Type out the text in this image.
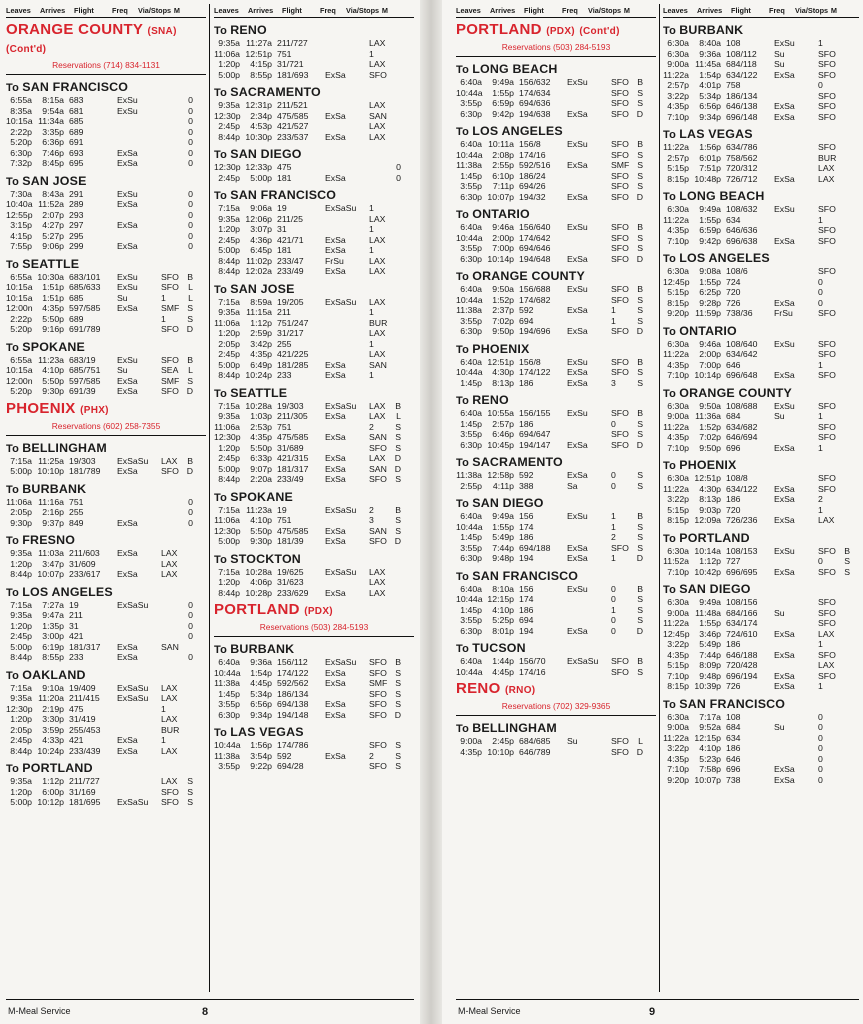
Leaves	Arrives	Flight	Freq	Via/Stops M
ORANGE COUNTY (SNA) (Cont'd)
Reservations (714) 834-1131
To SAN FRANCISCO
6:55a	8:15a 683	ExSu	0
8:35a	9:54a 681	ExSu	0
10:15a 11:34a 685	0
2:22p	3:35p 689	0
5:20p	6:36p 691	0
6:30p	7:46p 693	ExSa	0
7:32p	8:45p 695	ExSa	0
To SAN JOSE
7:30a	8:43a 291	ExSu	0
10:40a 11:52a 289	ExSa	0
12:55p	2:07p 293	0
3:15p	4:27p 297	ExSa	0
4:15p	5:27p 295	0
7:55p	9:06p 299	ExSa	0
To SEATTLE
6:55a 10:30a 683/101	ExSu	SFO B
10:15a	1:51p 685/633	ExSu	SFO	L
10:15a	1:51p 685	Su	1	L
12:00n	4:35p 597/585	ExSa	SMF S
2:22p	5:50p 689	1	S
5:20p	9:16p 691/789	SFO D
To SPOKANE
6:55a 11:23a 683/19	ExSu	SFO B
10:15a	4:10p 685/751	Su	SEA	L
12:00n	5:50p 597/585	ExSa	SMF S
5:20p	9:30p 691/39	ExSa	SFO D
PHOENIX (PHX)
Reservations (602) 258-7355
To BELLINGHAM
7:15a 11:25a 19/303	ExSaSu	LAX	B
5:00p 10:10p 181/789	ExSa	SFO D
To BURBANK
11:06a 11:16a 751	0
2:05p	2:16p 255	0
9:30p	9:37p 849	ExSa	0
To FRESNO
9:35a 11:03a 211/603	ExSa	LAX
1:20p	3:47p 31/609	LAX
8:44p 10:07p 233/617	ExSa	LAX
To LOS ANGELES
7:15a	7:27a 19	ExSaSu	0
9:35a	9:47a 211	0
1:20p	1:35p 31	0
2:45p	3:00p 421	0
5:00p	6:19p 181/317	ExSa	SAN
8:44p	8:55p 233	ExSa	0
To OAKLAND
7:15a	9:10a 19/409	ExSaSu	LAX
9:35a 11:20a 211/415	ExSaSu	LAX
12:30p	2:19p 475	1
1:20p	3:30p 31/419	LAX
2:05p	3:59p 255/453	BUR
2:45p	4:33p 421	ExSa	1
8:44p 10:24p 233/439	ExSa	LAX
To PORTLAND
9:35a	1:12p 211/727	LAX	S
1:20p	6:00p 31/169	SFO S
5:00p 10:12p 181/695	ExSaSu	SFO S
Leaves	Arrives	Flight	Freq	Via/Stops M
To RENO
9:35a 11:27a 211/727	LAX
11:06a 12:51p 751	1
1:20p	4:15p 31/721	LAX
5:00p	8:55p 181/693	ExSa	SFO
To SACRAMENTO
9:35a 12:31p 211/521	LAX
12:30p	2:34p 475/585	ExSa	SAN
2:45p	4:53p 421/527	LAX
8:44p 10:30p 233/537	ExSa	LAX
To SAN DIEGO
12:30p 12:33p 475	0
2:45p	5:00p 181	ExSa	0
To SAN FRANCISCO
7:15a	9:06a 19	ExSaSu	1
9:35a 12:06p 211/25	LAX
1:20p	3:07p 31	1
2:45p	4:36p 421/71	ExSa	LAX
5:00p	6:45p 181	ExSa	1
8:44p 11:02p 233/47	FrSu	LAX
8:44p 12:02a 233/49	ExSa	LAX
To SAN JOSE
7:15a	8:59a 19/205	ExSaSu	LAX
9:35a 11:15a 211	1
11:06a	1:12p 751/247	BUR
1:20p	2:59p 31/217	LAX
2:05p	3:42p 255	1
2:45p	4:35p 421/225	LAX
5:00p	6:49p 181/285	ExSa	SAN
8:44p 10:24p 233	ExSa	1
To SEATTLE
7:15a 10:28a 19/303	ExSaSu	LAX	B
9:35a	1:03p 211/305	ExSa	LAX	L
11:06a	2:53p 751	2	S
12:30p	4:35p 475/585	ExSa	SAN S
1:20p	5:50p 31/689	SFO S
2:45p	6:33p 421/315	ExSa	LAX	D
5:00p	9:07p 181/317	ExSa	SAN D
8:44p	2:20a 233/49	ExSa	SFO S
To SPOKANE
7:15a 11:23a 19	ExSaSu	2	B
11:06a	4:10p 751	3	S
12:30p	5:50p 475/585	ExSa	SAN S
5:00p	9:30p 181/39	ExSa	SFO D
To STOCKTON
7:15a 10:28a 19/625	ExSaSu	LAX
1:20p	4:06p 31/623	LAX
8:44p 10:28p 233/629	ExSa	LAX
PORTLAND (PDX)
Reservations (503) 284-5193
To BURBANK
6:40a	9:36a 156/112	ExSaSu	SFO B
10:44a	1:54p 174/122	ExSa	SFO S
11:38a	4:45p 592/562	ExSa	SMF S
1:45p	5:34p 186/134	SFO S
3:55p	6:56p 694/138	ExSa	SFO S
6:30p	9:34p 194/148	ExSa	SFO D
To LAS VEGAS
10:44a	1:56p 174/786	SFO S
11:38a	3:54p 592	ExSa	2	S
3:55p	9:22p 694/28	SFO S
M-Meal Service	8
Leaves	Arrives	Flight	Freq	Via/Stops M
PORTLAND (PDX) (Cont'd)
Reservations (503) 284-5193
To LONG BEACH
6:40a	9:49a 156/632	ExSu	SFO B
10:44a	1:55p 174/634	SFO S
3:55p	6:59p 694/636	SFO S
6:30p	9:42p 194/638	ExSa	SFO D
To LOS ANGELES
6:40a 10:11a 156/8	ExSu	SFO B
10:44a	2:08p 174/16	SFO S
11:38a	2:55p 592/516	ExSa	SMF S
1:45p	6:10p 186/24	SFO S
3:55p	7:11p 694/26	SFO S
6:30p 10:07p 194/32	ExSa	SFO D
To ONTARIO
6:40a	9:46a 156/640	ExSu	SFO B
10:44a	2:00p 174/642	SFO S
3:55p	7:00p 694/646	SFO S
6:30p 10:14p 194/648	ExSa	SFO D
To ORANGE COUNTY
6:40a	9:50a 156/688	ExSu	SFO B
10:44a	1:52p 174/682	SFO S
11:38a	2:37p 592	ExSa	1	S
3:55p	7:02p 694	1	S
6:30p	9:50p 194/696	ExSa	SFO D
To PHOENIX
6:40a 12:51p 156/8	ExSu	SFO B
10:44a	4:30p 174/122	ExSa	SFO S
1:45p	8:13p 186	ExSa	3	S
To RENO
6:40a 10:55a 156/155	ExSu	SFO B
1:45p	2:57p 186	0	S
3:55p	6:46p 694/647	SFO S
6:30p 10:45p 194/147	ExSa	SFO D
To SACRAMENTO
11:38a 12:58p 592	ExSa	0	S
2:55p	4:11p 388	Sa	0	S
To SAN DIEGO
6:40a	9:49a 156	ExSu	1	B
10:44a	1:55p 174	1	S
1:45p	5:49p 186	2	S
3:55p	7:44p 694/188	ExSa	SFO S
6:30p	9:48p 194	ExSa	1	D
To SAN FRANCISCO
6:40a	8:10a 156	ExSu	0	B
10:44a 12:15p 174	0	S
1:45p	4:10p 186	1	S
3:55p	5:25p 694	0	S
6:30p	8:01p 194	ExSa	0	D
To TUCSON
6:40a	1:44p 156/70	ExSaSu	SFO B
10:44a	4:45p 174/16	SFO S
RENO (RNO)
Reservations (702) 329-9365
To BELLINGHAM
9:00a	2:45p 684/685	Su	SFO	L
4:35p 10:10p 646/789	SFO D
Leaves	Arrives	Flight	Freq	Via/Stops M
To BURBANK
6:30a	8:40a 108	ExSu	1
6:30a	9:36a 108/112	Su	SFO
9:00a 11:45a 684/118	Su	SFO
11:22a	1:54p 634/122	ExSa	SFO
2:57p	4:01p 758	0
3:22p	5:34p 186/134	SFO
4:35p	6:56p 646/138	ExSa	SFO
7:10p	9:34p 696/148	ExSa	SFO
To LAS VEGAS
11:22a	1:56p 634/786	SFO
2:57p	6:01p 758/562	BUR
5:15p	7:51p 720/312	LAX
8:15p 10:48p 726/712	ExSa	LAX
To LONG BEACH
6:30a	9:49a 108/632	ExSu	SFO
11:22a	1:55p 634	1
4:35p	6:59p 646/636	SFO
7:10p	9:42p 696/638	ExSa	SFO
To LOS ANGELES
6:30a	9:08a 108/6	SFO
12:45p	1:55p 724	0
5:15p	6:25p 720	0
8:15p	9:28p 726	ExSa	0
9:20p 11:59p 738/36	FrSu	SFO
To ONTARIO
6:30a	9:46a 108/640	ExSu	SFO
11:22a	2:00p 634/642	SFO
4:35p	7:00p 646	1
7:10p 10:14p 696/648	ExSa	SFO
To ORANGE COUNTY
6:30a	9:50a 108/688	ExSu	SFO
9:00a 11:36a 684	Su	1
11:22a	1:52p 634/682	SFO
4:35p	7:02p 646/694	SFO
7:10p	9:50p 696	ExSa	1
To PHOENIX
6:30a 12:51p 108/8	SFO
11:22a	4:30p 634/122	ExSa	SFO
3:22p	8:13p 186	ExSa	2
5:15p	9:03p 720	1
8:15p 12:09a 726/236	ExSa	LAX
To PORTLAND
6:30a 10:14a 108/153	ExSu	SFO B
11:52a	1:12p 727	0	S
7:10p 10:42p 696/695	ExSa	SFO S
To SAN DIEGO
6:30a	9:49a 108/156	SFO
9:00a 11:48a 684/166	Su	SFO
11:22a	1:55p 634/174	SFO
12:45p	3:46p 724/610	ExSa	LAX
3:22p	5:49p 186	1
4:35p	7:44p 646/188	ExSa	SFO
5:15p	8:09p 720/428	LAX
7:10p	9:48p 696/194	ExSa	SFO
8:15p 10:39p 726	ExSa	1
To SAN FRANCISCO
6:30a	7:17a 108	0
9:00a	9:52a 684	Su	0
11:22a 12:15p 634	0
3:22p	4:10p 186	0
4:35p	5:23p 646	0
7:10p	7:58p 696	ExSa	0
9:20p 10:07p 738	ExSa	0
M-Meal Service	9
